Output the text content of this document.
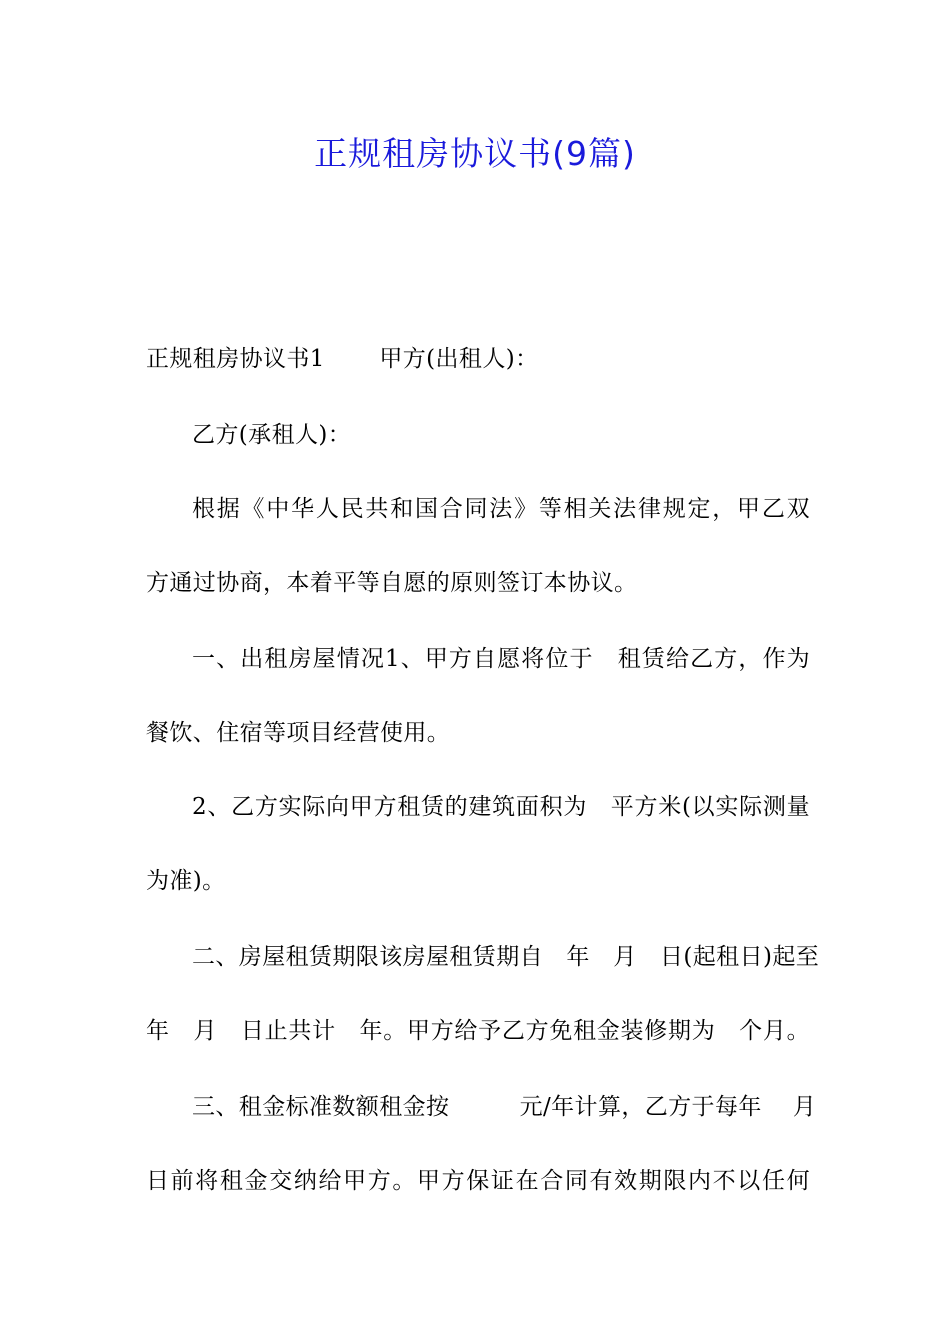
正规租房协议书(9篇)
正规租房协议书1 　　甲方(出租人)：
乙方(承租人)：
根据《中华人民共和国合同法》等相关法律规定，甲乙双
方通过协商，本着平等自愿的原则签订本协议。
一、出租房屋情况1、甲方自愿将位于　租赁给乙方，作为
餐饮、住宿等项目经营使用。
2、乙方实际向甲方租赁的建筑面积为　平方米(以实际测量
为准)。
二、房屋租赁期限该房屋租赁期自　年　月　日(起租日)起至
年　月　日止共计　年。甲方给予乙方免租金装修期为　个月。
三、租金标准数额租金按　　　元/年计算，乙方于每年　 月
日前将租金交纳给甲方。甲方保证在合同有效期限内不以任何
